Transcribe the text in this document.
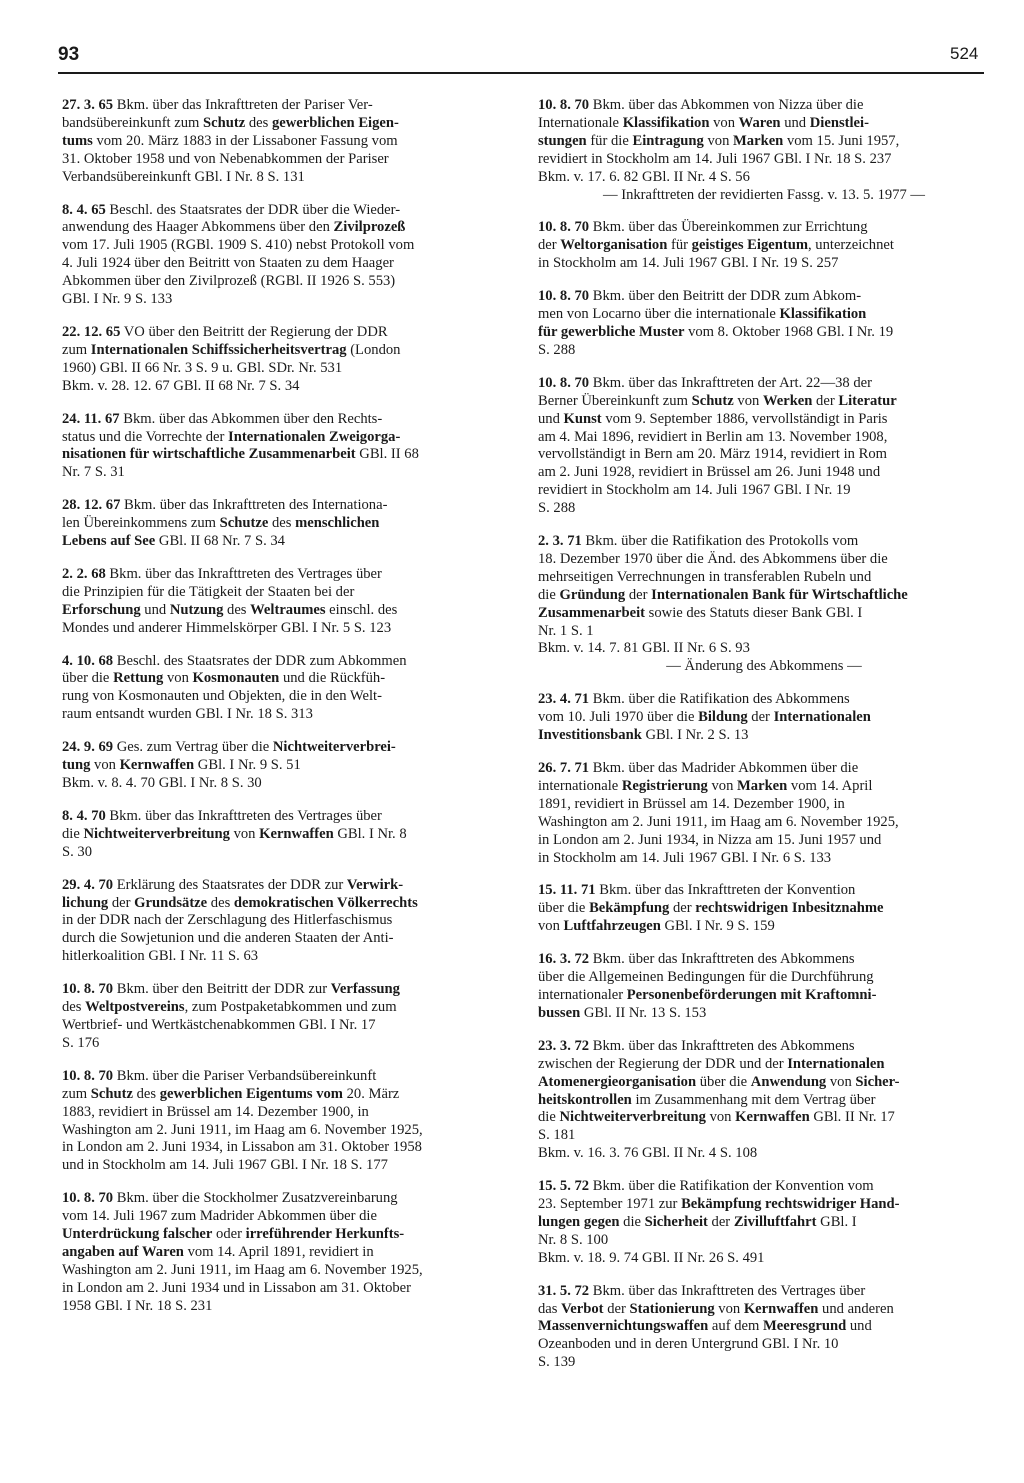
93	524
27. 3. 65 Bkm. über das Inkrafttreten der Pariser Ver-
bandsübereinkunft zum Schutz des gewerblichen Eigen-
tums vom 20. März 1883 in der Lissaboner Fassung vom
31. Oktober 1958 und von Nebenabkommen der Pariser
Verbandsübereinkunft GBl. I Nr. 8 S. 131
8. 4. 65 Beschl. des Staatsrates der DDR über die Wieder-
anwendung des Haager Abkommens über den Zivilprozeß
vom 17. Juli 1905 (RGBl. 1909 S. 410) nebst Protokoll vom
4. Juli 1924 über den Beitritt von Staaten zu dem Haager
Abkommen über den Zivilprozeß (RGBl. II 1926 S. 553)
GBl. I Nr. 9 S. 133
22. 12. 65 VO über den Beitritt der Regierung der DDR
zum Internationalen Schiffssicherheitsvertrag (London
1960) GBl. II 66 Nr. 3 S. 9 u. GBl. SDr. Nr. 531
Bkm. v. 28. 12. 67 GBl. II 68 Nr. 7 S. 34
24. 11. 67 Bkm. über das Abkommen über den Rechts-
status und die Vorrechte der Internationalen Zweigorga-
nisationen für wirtschaftliche Zusammenarbeit GBl. II 68
Nr. 7 S. 31
28. 12. 67 Bkm. über das Inkrafttreten des Internationa-
len Übereinkommens zum Schutze des menschlichen
Lebens auf See GBl. II 68 Nr. 7 S. 34
2. 2. 68 Bkm. über das Inkrafttreten des Vertrages über
die Prinzipien für die Tätigkeit der Staaten bei der
Erforschung und Nutzung des Weltraumes einschl. des
Mondes und anderer Himmelskörper GBl. I Nr. 5 S. 123
4. 10. 68 Beschl. des Staatsrates der DDR zum Abkommen
über die Rettung von Kosmonauten und die Rückfüh-
rung von Kosmonauten und Objekten, die in den Welt-
raum entsandt wurden GBl. I Nr. 18 S. 313
24. 9. 69 Ges. zum Vertrag über die Nichtweiterverbrei-
tung von Kernwaffen GBl. I Nr. 9 S. 51
Bkm. v. 8. 4. 70 GBl. I Nr. 8 S. 30
8. 4. 70 Bkm. über das Inkrafttreten des Vertrages über
die Nichtweiterverbreitung von Kernwaffen GBl. I Nr. 8
S. 30
29. 4. 70 Erklärung des Staatsrates der DDR zur Verwirk-
lichung der Grundsätze des demokratischen Völkerrechts
in der DDR nach der Zerschlagung des Hitlerfaschismus
durch die Sowjetunion und die anderen Staaten der Anti-
hitlerkoalition GBl. I Nr. 11 S. 63
10. 8. 70 Bkm. über den Beitritt der DDR zur Verfassung
des Weltpostvereins, zum Postpaketabkommen und zum
Wertbrief- und Wertkästchenabkommen GBl. I Nr. 17
S. 176
10. 8. 70 Bkm. über die Pariser Verbandsübereinkunft
zum Schutz des gewerblichen Eigentums vom 20. März
1883, revidiert in Brüssel am 14. Dezember 1900, in
Washington am 2. Juni 1911, im Haag am 6. November 1925,
in London am 2. Juni 1934, in Lissabon am 31. Oktober 1958
und in Stockholm am 14. Juli 1967 GBl. I Nr. 18 S. 177
10. 8. 70 Bkm. über die Stockholmer Zusatzvereinbarung
vom 14. Juli 1967 zum Madrider Abkommen über die
Unterdrückung falscher oder irreführender Herkunfts-
angaben auf Waren vom 14. April 1891, revidiert in
Washington am 2. Juni 1911, im Haag am 6. November 1925,
in London am 2. Juni 1934 und in Lissabon am 31. Oktober
1958 GBl. I Nr. 18 S. 231
10. 8. 70 Bkm. über das Abkommen von Nizza über die
Internationale Klassifikation von Waren und Dienstlei-
stungen für die Eintragung von Marken vom 15. Juni 1957,
revidiert in Stockholm am 14. Juli 1967 GBl. I Nr. 18 S. 237
Bkm. v. 17. 6. 82 GBl. II Nr. 4 S. 56
— Inkrafttreten der revidierten Fassg. v. 13. 5. 1977 —
10. 8. 70 Bkm. über das Übereinkommen zur Errichtung
der Weltorganisation für geistiges Eigentum, unterzeichnet
in Stockholm am 14. Juli 1967 GBl. I Nr. 19 S. 257
10. 8. 70 Bkm. über den Beitritt der DDR zum Abkom-
men von Locarno über die internationale Klassifikation
für gewerbliche Muster vom 8. Oktober 1968 GBl. I Nr. 19
S. 288
10. 8. 70 Bkm. über das Inkrafttreten der Art. 22—38 der
Berner Übereinkunft zum Schutz von Werken der Literatur
und Kunst vom 9. September 1886, vervollständigt in Paris
am 4. Mai 1896, revidiert in Berlin am 13. November 1908,
vervollständigt in Bern am 20. März 1914, revidiert in Rom
am 2. Juni 1928, revidiert in Brüssel am 26. Juni 1948 und
revidiert in Stockholm am 14. Juli 1967 GBl. I Nr. 19
S. 288
2. 3. 71 Bkm. über die Ratifikation des Protokolls vom
18. Dezember 1970 über die Änd. des Abkommens über die
mehrseitigen Verrechnungen in transferablen Rubeln und
die Gründung der Internationalen Bank für Wirtschaftliche
Zusammenarbeit sowie des Statuts dieser Bank GBl. I
Nr. 1 S. 1
Bkm. v. 14. 7. 81 GBl. II Nr. 6 S. 93
— Änderung des Abkommens —
23. 4. 71 Bkm. über die Ratifikation des Abkommens
vom 10. Juli 1970 über die Bildung der Internationalen
Investitionsbank GBl. I Nr. 2 S. 13
26. 7. 71 Bkm. über das Madrider Abkommen über die
internationale Registrierung von Marken vom 14. April
1891, revidiert in Brüssel am 14. Dezember 1900, in
Washington am 2. Juni 1911, im Haag am 6. November 1925,
in London am 2. Juni 1934, in Nizza am 15. Juni 1957 und
in Stockholm am 14. Juli 1967 GBl. I Nr. 6 S. 133
15. 11. 71 Bkm. über das Inkrafttreten der Konvention
über die Bekämpfung der rechtswidrigen Inbesitznahme
von Luftfahrzeugen GBl. I Nr. 9 S. 159
16. 3. 72 Bkm. über das Inkrafttreten des Abkommens
über die Allgemeinen Bedingungen für die Durchführung
internationaler Personenbeförderungen mit Kraftomni-
bussen GBl. II Nr. 13 S. 153
23. 3. 72 Bkm. über das Inkrafttreten des Abkommens
zwischen der Regierung der DDR und der Internationalen
Atomenergieorganisation über die Anwendung von Sicher-
heitskontrollen im Zusammenhang mit dem Vertrag über
die Nichtweiterverbreitung von Kernwaffen GBl. II Nr. 17
S. 181
Bkm. v. 16. 3. 76 GBl. II Nr. 4 S. 108
15. 5. 72 Bkm. über die Ratifikation der Konvention vom
23. September 1971 zur Bekämpfung rechtswidriger Hand-
lungen gegen die Sicherheit der Zivilluftfahrt GBl. I
Nr. 8 S. 100
Bkm. v. 18. 9. 74 GBl. II Nr. 26 S. 491
31. 5. 72 Bkm. über das Inkrafttreten des Vertrages über
das Verbot der Stationierung von Kernwaffen und anderen
Massenvernichtungswaffen auf dem Meeresgrund und
Ozeanboden und in deren Untergrund GBl. I Nr. 10
S. 139
